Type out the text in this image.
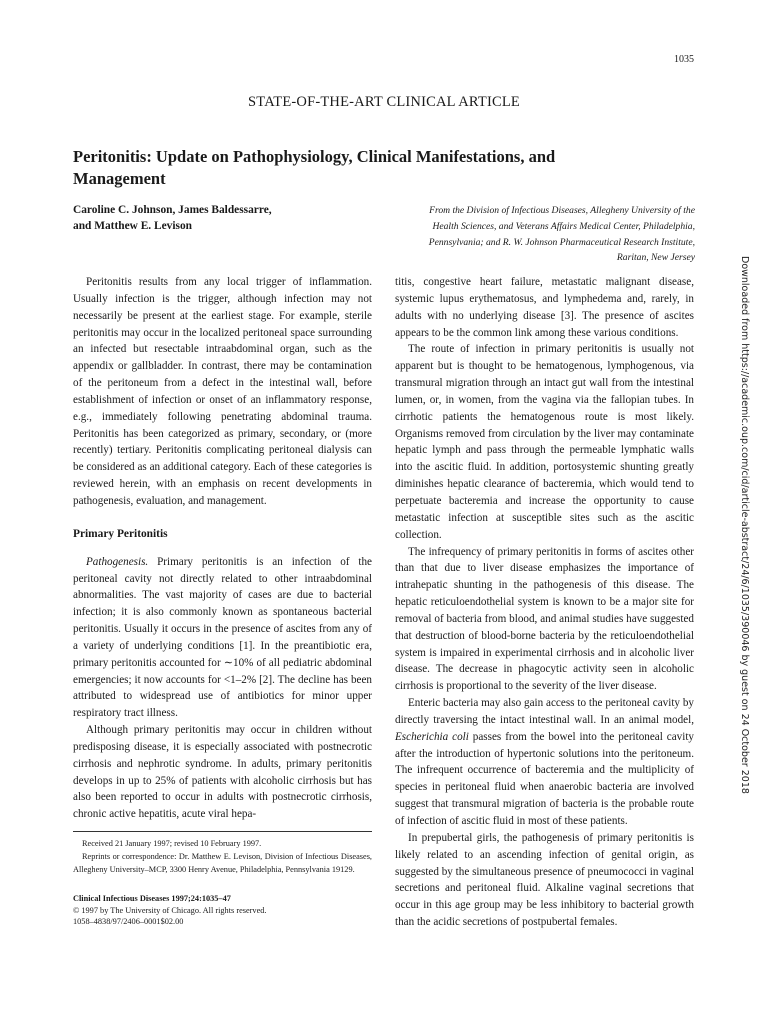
1035
STATE-OF-THE-ART CLINICAL ARTICLE
Peritonitis: Update on Pathophysiology, Clinical Manifestations, and Management
Caroline C. Johnson, James Baldessarre,
and Matthew E. Levison
From the Division of Infectious Diseases, Allegheny University of the
Health Sciences, and Veterans Affairs Medical Center, Philadelphia,
Pennsylvania; and R. W. Johnson Pharmaceutical Research Institute,
Raritan, New Jersey

Peritonitis results from any local trigger of inflammation. Usually infection is the trigger, although infection may not necessarily be present at the earliest stage. For example, sterile peritonitis may occur in the localized peritoneal space surrounding an infected but resectable intraabdominal organ, such as the appendix or gallbladder. In contrast, there may be contamination of the peritoneum from a defect in the intestinal wall, before establishment of infection or onset of an inflammatory response, e.g., immediately following penetrating abdominal trauma. Peritonitis has been categorized as primary, secondary, or (more recently) tertiary. Peritonitis complicating peritoneal dialysis can be considered as an additional category. Each of these categories is reviewed herein, with an emphasis on recent developments in pathogenesis, evaluation, and management.

Primary Peritonitis

Pathogenesis. Primary peritonitis is an infection of the peritoneal cavity not directly related to other intraabdominal abnormalities. The vast majority of cases are due to bacterial infection; it is also commonly known as spontaneous bacterial peritonitis. Usually it occurs in the presence of ascites from any of a variety of underlying conditions [1]. In the preantibiotic era, primary peritonitis accounted for ∼10% of all pediatric abdominal emergencies; it now accounts for <1–2% [2]. The decline has been attributed to widespread use of antibiotics for minor upper respiratory tract illness.

Although primary peritonitis may occur in children without predisposing disease, it is especially associated with postnecrotic cirrhosis and nephrotic syndrome. In adults, primary peritonitis develops in up to 25% of patients with alcoholic cirrhosis but has also been reported to occur in adults with postnecrotic cirrhosis, chronic active hepatitis, acute viral hepa-

Received 21 January 1997; revised 10 February 1997.

Reprints or correspondence: Dr. Matthew E. Levison, Division of Infectious Diseases, Allegheny University–MCP, 3300 Henry Avenue, Philadelphia, Pennsylvania 19129.

Clinical Infectious Diseases 1997;24:1035–47
© 1997 by The University of Chicago. All rights reserved.
1058–4838/97/2406–0001$02.00

titis, congestive heart failure, metastatic malignant disease, systemic lupus erythematosus, and lymphedema and, rarely, in adults with no underlying disease [3]. The presence of ascites appears to be the common link among these various conditions.

The route of infection in primary peritonitis is usually not apparent but is thought to be hematogenous, lymphogenous, via transmural migration through an intact gut wall from the intestinal lumen, or, in women, from the vagina via the fallopian tubes. In cirrhotic patients the hematogenous route is most likely. Organisms removed from circulation by the liver may contaminate hepatic lymph and pass through the permeable lymphatic walls into the ascitic fluid. In addition, portosystemic shunting greatly diminishes hepatic clearance of bacteremia, which would tend to perpetuate bacteremia and increase the opportunity to cause metastatic infection at susceptible sites such as the ascitic collection.

The infrequency of primary peritonitis in forms of ascites other than that due to liver disease emphasizes the importance of intrahepatic shunting in the pathogenesis of this disease. The hepatic reticuloendothelial system is known to be a major site for removal of bacteria from blood, and animal studies have suggested that destruction of blood-borne bacteria by the reticuloendothelial system is impaired in experimental cirrhosis and in alcoholic liver disease. The decrease in phagocytic activity seen in alcoholic cirrhosis is proportional to the severity of the liver disease.

Enteric bacteria may also gain access to the peritoneal cavity by directly traversing the intact intestinal wall. In an animal model, Escherichia coli passes from the bowel into the peritoneal cavity after the introduction of hypertonic solutions into the peritoneum. The infrequent occurrence of bacteremia and the multiplicity of species in peritoneal fluid when anaerobic bacteria are involved suggest that transmural migration of bacteria is the probable route of infection of ascitic fluid in most of these patients.

In prepubertal girls, the pathogenesis of primary peritonitis is likely related to an ascending infection of genital origin, as suggested by the simultaneous presence of pneumococci in vaginal secretions and peritoneal fluid. Alkaline vaginal secretions that occur in this age group may be less inhibitory to bacterial growth than the acidic secretions of postpubertal females.

Downloaded from https://academic.oup.com/cid/article-abstract/24/6/1035/390046 by guest on 24 October 2018
